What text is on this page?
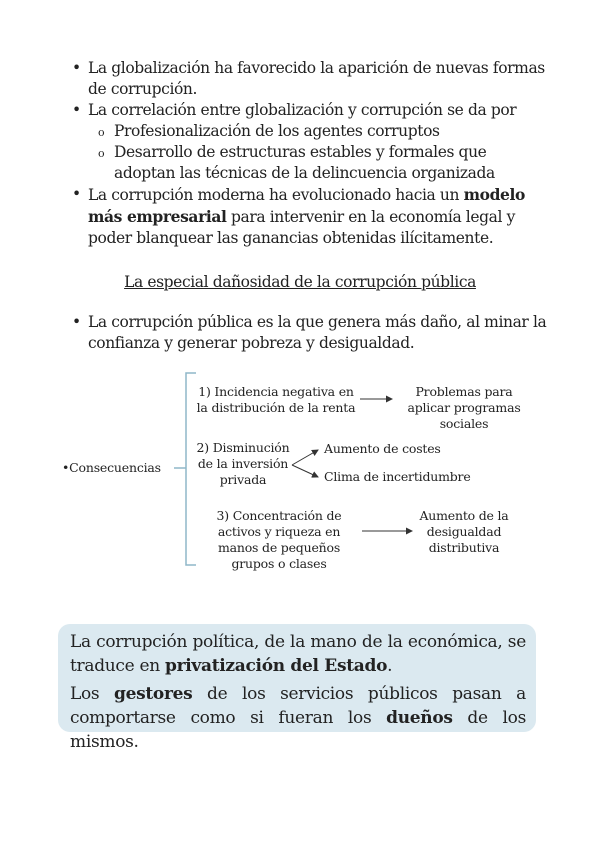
• La globalización ha favorecido la aparición de nuevas formas de corrupción.
• La correlación entre globalización y corrupción se da por
o Profesionalización de los agentes corruptos
o Desarrollo de estructuras estables y formales que adoptan las técnicas de la delincuencia organizada
• La corrupción moderna ha evolucionado hacia un modelo más empresarial para intervenir en la economía legal y poder blanquear las ganancias obtenidas ilícitamente.
La especial dañosidad de la corrupción pública
• La corrupción pública es la que genera más daño, al minar la confianza y generar pobreza y desigualdad.
•Consecuencias
1) Incidencia negativa en la distribución de la renta
Problemas para aplicar programas sociales
2) Disminución de la inversión privada
Aumento de costes
Clima de incertidumbre
3) Concentración de activos y riqueza en manos de pequeños grupos o clases
Aumento de la desigualdad distributiva

La corrupción política, de la mano de la económica, se traduce en privatización del Estado.

Los gestores de los servicios públicos pasan a comportarse como si fueran los dueños de los mismos.
